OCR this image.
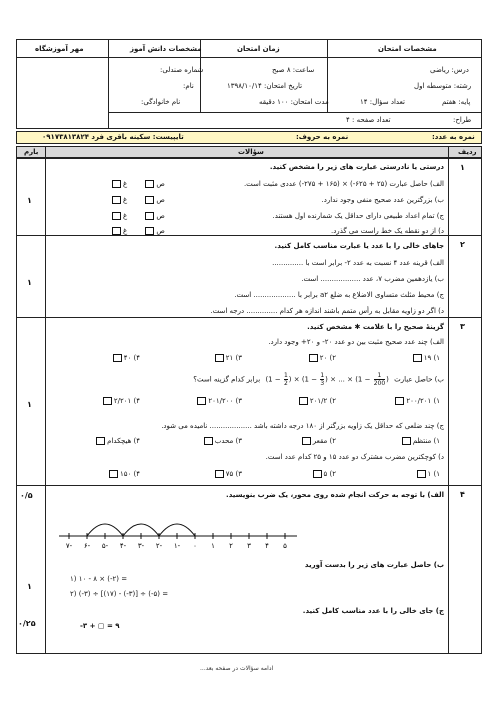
مشخصات امتحان
زمان امتحان
مشخصات دانش آموز
مهر آموزشگاه
درس: ریاضی
ساعت: ۸ صبح
شماره صندلی:
رشته: متوسطه اول
تاریخ امتحان: ۱۳۹۸/۱۰/۱۴
نام:
پایه: هفتم
تعداد سؤال: ۱۴
مدت امتحان: ۱۰۰ دقیقه
نام خانوادگی:
طراح:
تعداد صفحه : ۴
نمره به عدد:
نمره به حروف:
تایپیست: سکینه باقری فرد ۰۹۱۷۳۸۱۳۸۲۴
ردیف
سؤالات
بارم
۱
۱
درستی یا نادرستی عبارت های زیر را مشخص کنید.
الف) حاصل عبارت (۲۵ + ۶۲۵-) × (۱۶۵ + ۲۷۵-) عددی مثبت است.
ب) بزرگترین عدد صحیح منفی وجود ندارد.
ج) تمام اعداد طبیعی دارای حداقل یک شمارنده اول هستند.
د) از دو نقطه یک خط راست می گذرد.
ص غ
ص غ
ص غ
ص غ
۲
۱
جاهای خالی را با عدد یا عبارت مناسب کامل کنید.
الف) قرینه عدد ۴ نسبت به عدد ۲- برابر است با ..............
ب) یازدهمین مضرب ۷، عدد .................. است.
ج) محیط مثلث متساوی الاضلاع به ضلع a۲ برابر با ................... است.
د) اگر دو زاویه مقابل به رأس متمم باشند اندازه هر کدام .............. درجه است.
۳
۱
گزینهٔ صحیح را با علامت ✱ مشخص کنید.
الف) چند عدد صحیح مثبت بین دو عدد ۲۰- و ۲۰+ وجود دارد.
۱) ۱۹
۲) ۲۰
۳) ۲۱
۴) ۴۰
ب) حاصل عبارت ($1 - \frac{1}{2}$ ) × ($1 - \frac{1}{3}$ ) × ... × ($1 - \frac{1}{200}$ ) برابر کدام گزینه است؟
۱) ۲۰۰/۲۰۱
۲) ۲۰۱/۲
۳) ۲۰۱/۲۰۰
۴) ۲/۲۰۱
ج) چند ضلعی که حداقل یک زاویه بزرگتر از ۱۸۰ درجه داشته باشد ................... نامیده می شود.
۱) منتظم
۲) مقعر
۳) محدب
۴) هیچکدام
د) کوچکترین مضرب مشترک دو عدد ۱۵ و ۲۵ کدام عدد است.
۱) ۱
۲) ۵
۳) ۷۵
۴) ۱۵۰
۴
۰/۵
۱
۰/۲۵
الف) با توجه به حرکت انجام شده روی محور، یک ضرب بنویسید.
-۷ -۶ -۵ -۴ -۳ -۲ -۱ ۰ ۱ ۲ ۳ ۴ ۵
ب) حاصل عبارت های زیر را بدست آورید
۱) ۱۰ - ۸ × (-۲) =
۲) (-۳) ÷ [(۱۷) - (-۳)] ÷ (-۵) =
ج) جای خالی را با عدد مناسب کامل کنید.
-۳ + ▢ = ۹
ادامه سؤالات در صفحه بعد...
